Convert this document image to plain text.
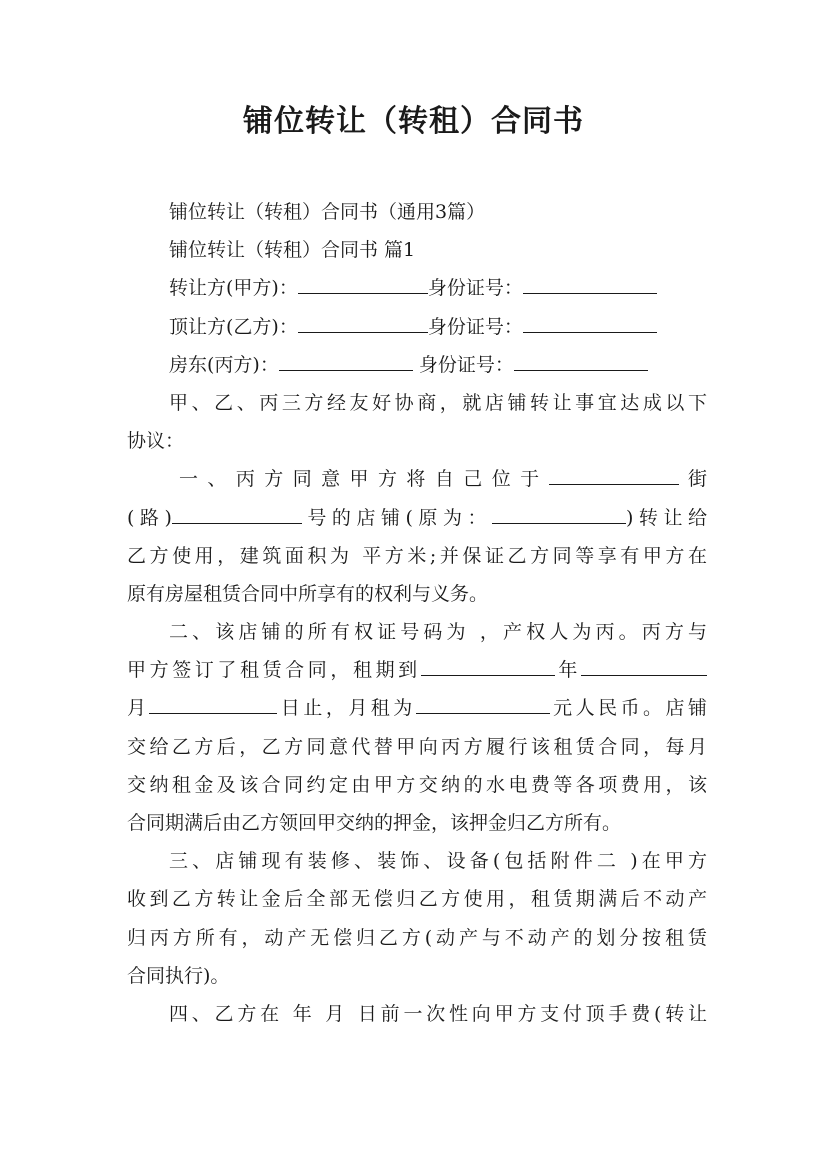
铺位转让（转租）合同书
铺位转让（转租）合同书（通用3篇）
铺位转让（转租）合同书 篇1
转让方(甲方)：	身份证号：
顶让方(乙方)：	身份证号：
房东(丙方)：	身份证号：
甲、乙、丙三方经友好协商，就店铺转让事宜达成以下
协议：
一、丙方同意甲方将自己位于	街
(路)	号的店铺(原为：	)转让给
乙方使用，建筑面积为 平方米;并保证乙方同等享有甲方在
原有房屋租赁合同中所享有的权利与义务。
二、该店铺的所有权证号码为 ，产权人为丙。丙方与
甲方签订了租赁合同，租期到	年
月	日止，月租为	元人民币。店铺
交给乙方后，乙方同意代替甲向丙方履行该租赁合同，每月
交纳租金及该合同约定由甲方交纳的水电费等各项费用，该
合同期满后由乙方领回甲交纳的押金，该押金归乙方所有。
三、店铺现有装修、装饰、设备(包括附件二 )在甲方
收到乙方转让金后全部无偿归乙方使用，租赁期满后不动产
归丙方所有，动产无偿归乙方(动产与不动产的划分按租赁
合同执行)。
四、乙方在 年 月 日前一次性向甲方支付顶手费(转让
